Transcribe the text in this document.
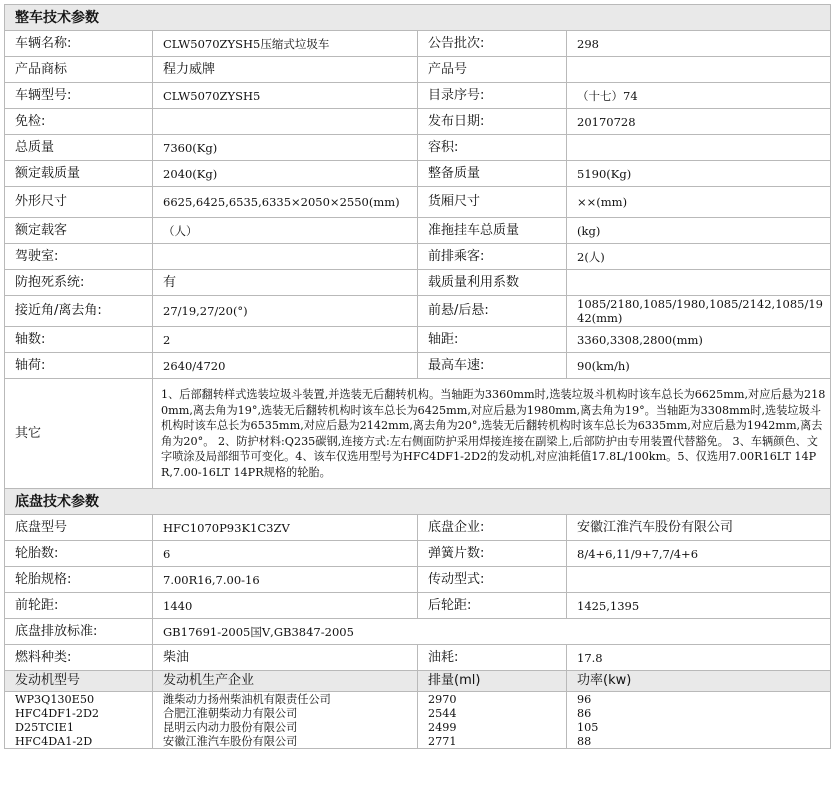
整车技术参数			
车辆名称:	CLW5070ZYSH5压缩式垃圾车	公告批次:	298
产品商标	程力威牌	产品号	
车辆型号:	CLW5070ZYSH5	目录序号:	（十七）74
免检:		发布日期:	20170728
总质量	7360(Kg)	容积:	
额定载质量	2040(Kg)	整备质量	5190(Kg)
外形尺寸	6625,6425,6535,6335×2050×2550(mm)	货厢尺寸	××(mm)
额定载客	（人）	准拖挂车总质量	(kg)
驾驶室:		前排乘客:	2(人)
防抱死系统:	有	载质量利用系数	
接近角/离去角:	27/19,27/20(°)	前悬/后悬:	1085/2180,1085/1980,1085/2142,1085/1942(mm)
轴数:	2	轴距:	3360,3308,2800(mm)
轴荷:	2640/4720	最高车速:	90(km/h)
其它	1、后部翻转样式选装垃圾斗装置,并选装无后翻转机构。当轴距为3360mm时,选装垃圾斗机构时该车总长为6625mm,对应后悬为2180mm,离去角为19°,选装无后翻转机构时该车总长为6425mm,对应后悬为1980mm,离去角为19°。当轴距为3308mm时,选装垃圾斗机构时该车总长为6535mm,对应后悬为2142mm,离去角为20°,选装无后翻转机构时该车总长为6335mm,对应后悬为1942mm,离去角为20°。 2、防护材料:Q235碳钢,连接方式:左右侧面防护采用焊接连接在副梁上,后部防护由专用装置代替豁免。 3、车辆颜色、文字喷涂及局部细节可变化。4、该车仅选用型号为HFC4DF1-2D2的发动机,对应油耗值17.8L/100km。5、仅选用7.00R16LT 14PR,7.00-16LT 14PR规格的轮胎。		
底盘技术参数			
底盘型号	HFC1070P93K1C3ZV	底盘企业:	安徽江淮汽车股份有限公司
轮胎数:	6	弹簧片数:	8/4+6,11/9+7,7/4+6
轮胎规格:	7.00R16,7.00-16	传动型式:	
前轮距:	1440	后轮距:	1425,1395
底盘排放标准:	GB17691-2005国Ⅴ,GB3847-2005		
燃料种类:	柴油	油耗:	17.8
发动机型号	发动机生产企业	排量(ml)	功率(kw)
WP3Q130E50	潍柴动力扬州柴油机有限责任公司	2970	96
HFC4DF1-2D2	合肥江淮朝柴动力有限公司	2544	86
D25TCIE1	昆明云内动力股份有限公司	2499	105
HFC4DA1-2D	安徽江淮汽车股份有限公司	2771	88
